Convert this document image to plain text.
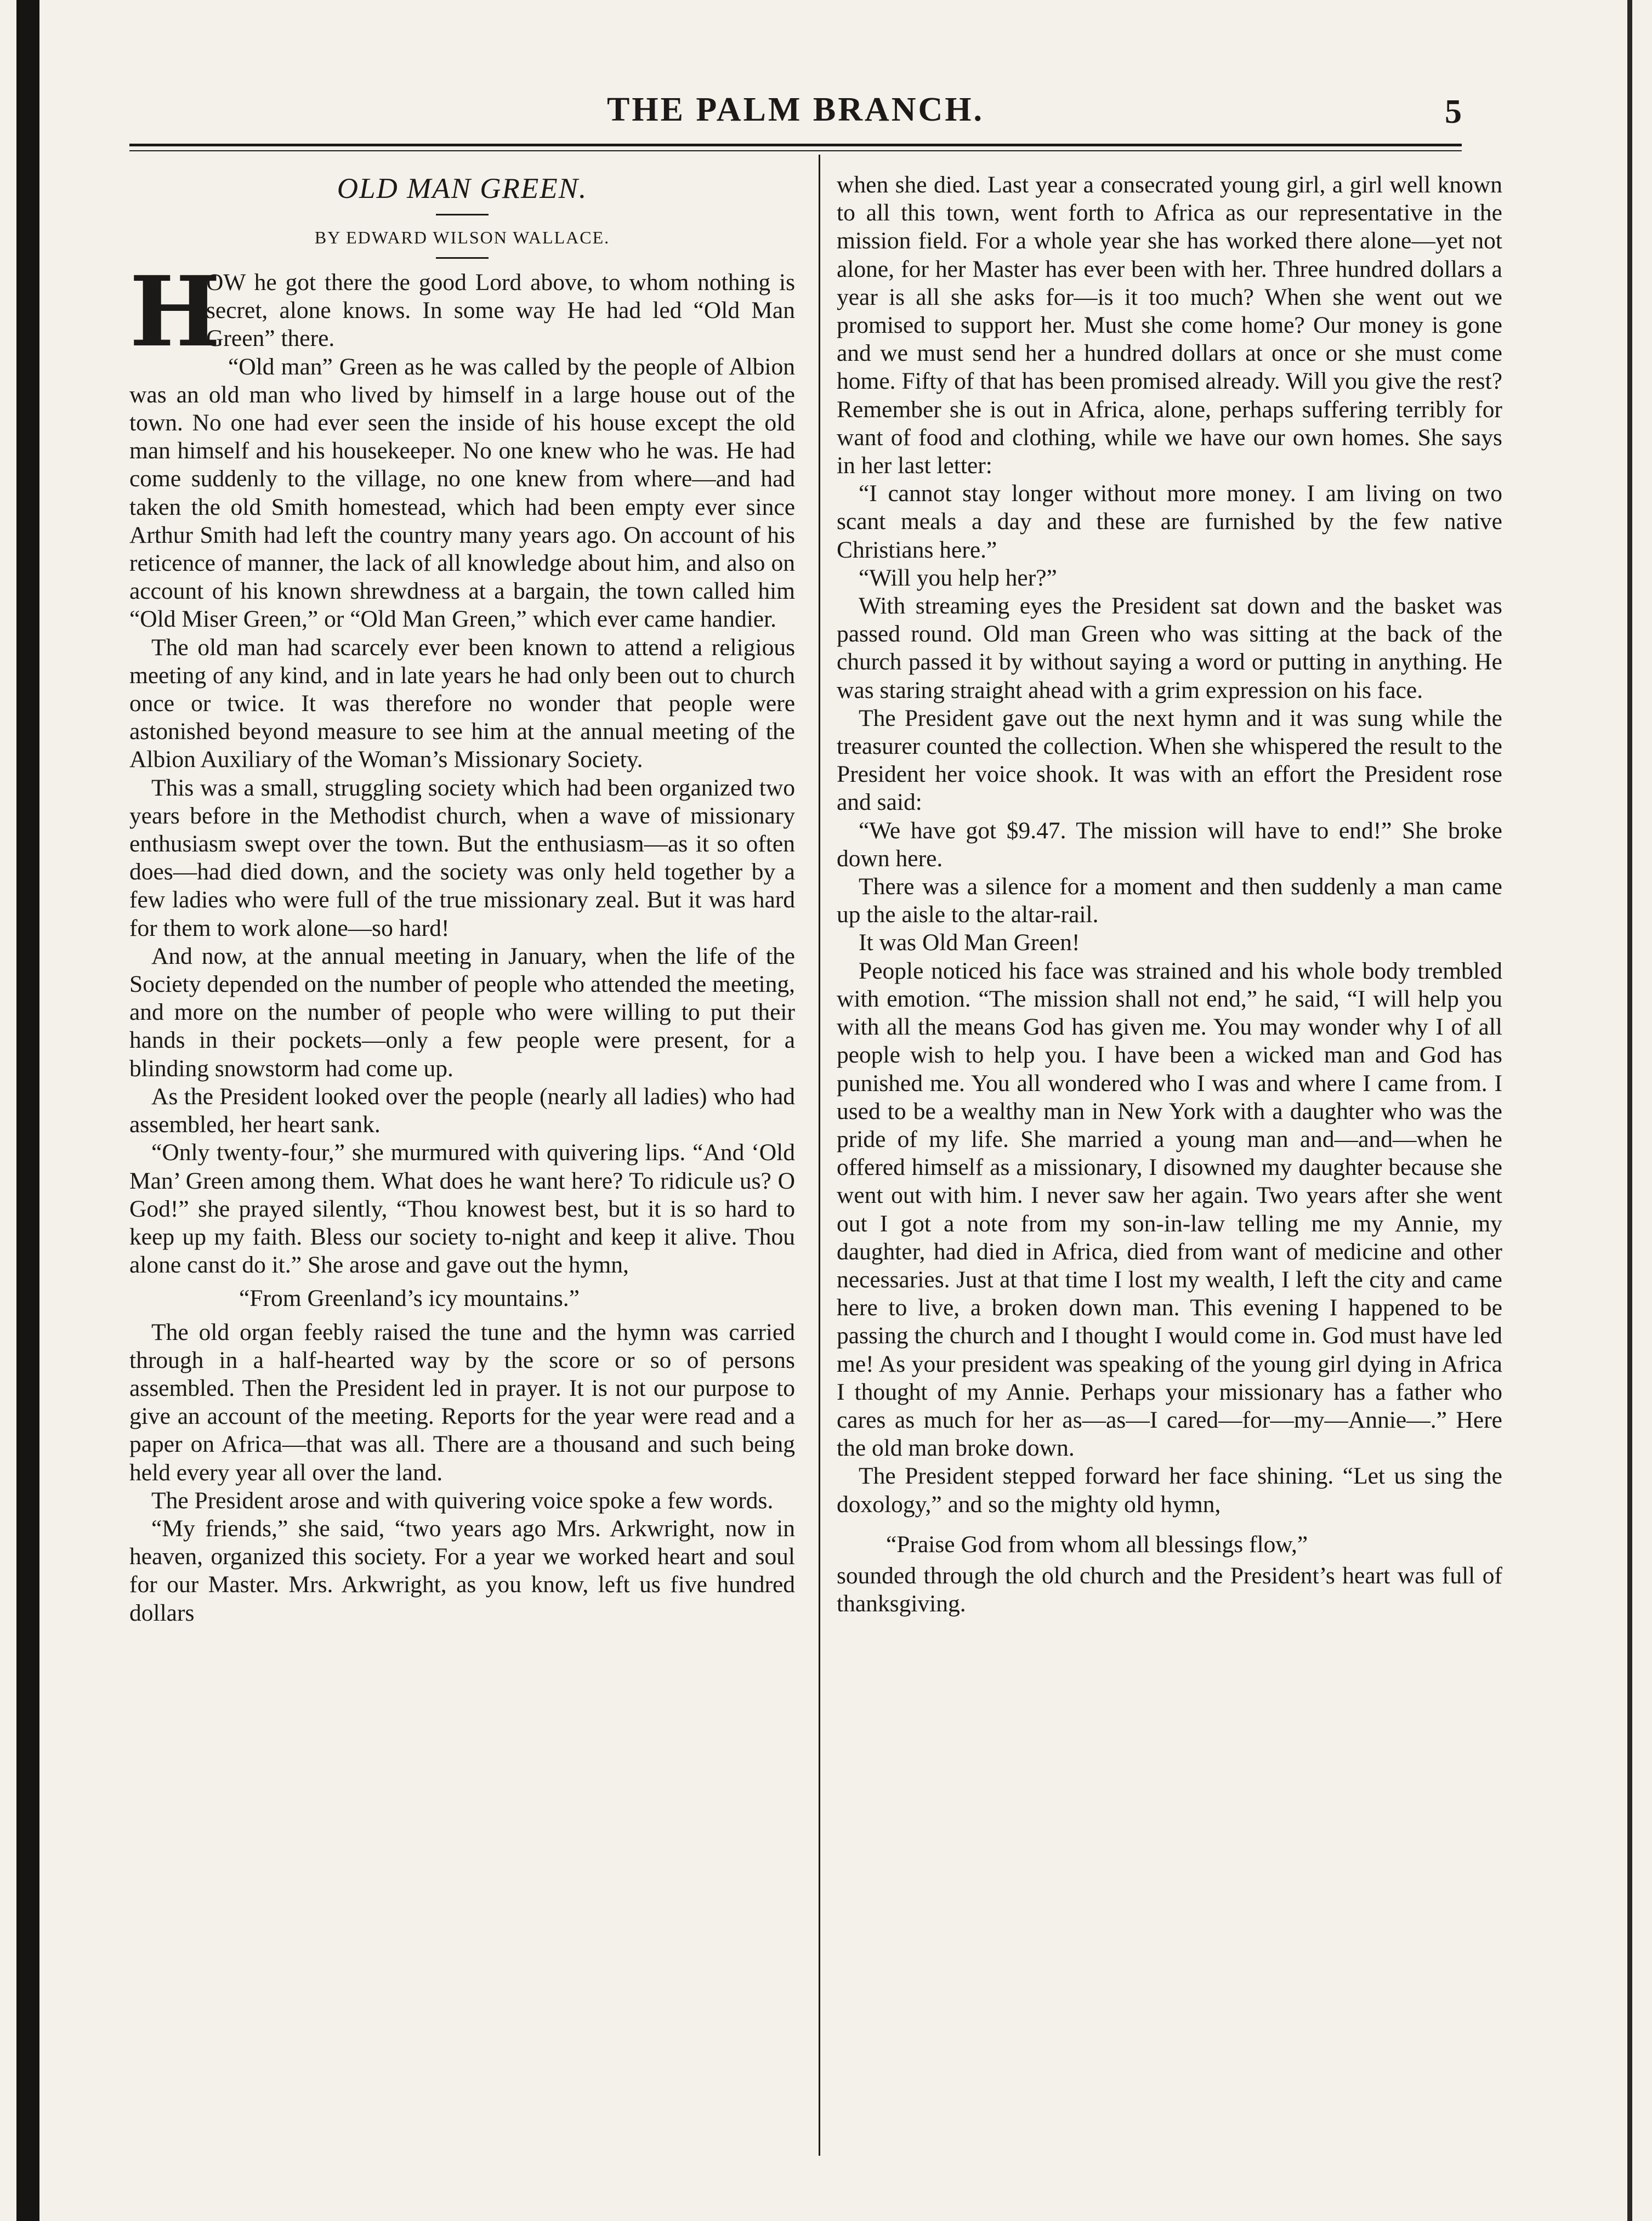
THE PALM BRANCH.	5
OLD MAN GREEN.
BY EDWARD WILSON WALLACE.
H

OW he got there the good Lord above, to whom nothing is secret, alone knows. In some way He had led “Old Man Green” there.

“Old man” Green as he was called by the people of Albion was an old man who lived by himself in a large house out of the town. No one had ever seen the inside of his house except the old man himself and his housekeeper. No one knew who he was. He had come suddenly to the village, no one knew from where—and had taken the old Smith homestead, which had been empty ever since Arthur Smith had left the country many years ago. On account of his reticence of manner, the lack of all knowledge about him, and also on account of his known shrewdness at a bargain, the town called him “Old Miser Green,” or “Old Man Green,” which ever came handier.

The old man had scarcely ever been known to attend a religious meeting of any kind, and in late years he had only been out to church once or twice. It was therefore no wonder that people were astonished beyond measure to see him at the annual meeting of the Albion Auxiliary of the Woman’s Missionary Society.

This was a small, struggling society which had been organized two years before in the Methodist church, when a wave of missionary enthusiasm swept over the town. But the enthusiasm—as it so often does—had died down, and the society was only held together by a few ladies who were full of the true missionary zeal. But it was hard for them to work alone—so hard!

And now, at the annual meeting in January, when the life of the Society depended on the number of people who attended the meeting, and more on the number of people who were willing to put their hands in their pockets—only a few people were present, for a blinding snowstorm had come up.

As the President looked over the people (nearly all ladies) who had assembled, her heart sank.

“Only twenty-four,” she murmured with quivering lips. “And ‘Old Man’ Green among them. What does he want here? To ridicule us? O God!” she prayed silently, “Thou knowest best, but it is so hard to keep up my faith. Bless our society to-night and keep it alive. Thou alone canst do it.” She arose and gave out the hymn,

“From Greenland’s icy mountains.”

The old organ feebly raised the tune and the hymn was carried through in a half-hearted way by the score or so of persons assembled. Then the President led in prayer. It is not our purpose to give an account of the meeting. Reports for the year were read and a paper on Africa—that was all. There are a thousand and such being held every year all over the land.

The President arose and with quivering voice spoke a few words.

“My friends,” she said, “two years ago Mrs. Arkwright, now in heaven, organized this society. For a year we worked heart and soul for our Master. Mrs. Arkwright, as you know, left us five hundred dollars

when she died. Last year a consecrated young girl, a girl well known to all this town, went forth to Africa as our representative in the mission field. For a whole year she has worked there alone—yet not alone, for her Master has ever been with her. Three hundred dollars a year is all she asks for—is it too much? When she went out we promised to support her. Must she come home? Our money is gone and we must send her a hundred dollars at once or she must come home. Fifty of that has been promised already. Will you give the rest? Remember she is out in Africa, alone, perhaps suffering terribly for want of food and clothing, while we have our own homes. She says in her last letter:

“I cannot stay longer without more money. I am living on two scant meals a day and these are furnished by the few native Christians here.”

“Will you help her?”

With streaming eyes the President sat down and the basket was passed round. Old man Green who was sitting at the back of the church passed it by without saying a word or putting in anything. He was staring straight ahead with a grim expression on his face.

The President gave out the next hymn and it was sung while the treasurer counted the collection. When she whispered the result to the President her voice shook. It was with an effort the President rose and said:

“We have got $9.47. The mission will have to end!” She broke down here.

There was a silence for a moment and then suddenly a man came up the aisle to the altar-rail.

It was Old Man Green!

People noticed his face was strained and his whole body trembled with emotion. “The mission shall not end,” he said, “I will help you with all the means God has given me. You may wonder why I of all people wish to help you. I have been a wicked man and God has punished me. You all wondered who I was and where I came from. I used to be a wealthy man in New York with a daughter who was the pride of my life. She married a young man and—and—when he offered himself as a missionary, I disowned my daughter because she went out with him. I never saw her again. Two years after she went out I got a note from my son-in-law telling me my Annie, my daughter, had died in Africa, died from want of medicine and other necessaries. Just at that time I lost my wealth, I left the city and came here to live, a broken down man. This evening I happened to be passing the church and I thought I would come in. God must have led me! As your president was speaking of the young girl dying in Africa I thought of my Annie. Perhaps your missionary has a father who cares as much for her as—as—I cared—for—my—Annie—.” Here the old man broke down.

The President stepped forward her face shining. “Let us sing the doxology,” and so the mighty old hymn,

“Praise God from whom all blessings flow,”

sounded through the old church and the President’s heart was full of thanksgiving.
